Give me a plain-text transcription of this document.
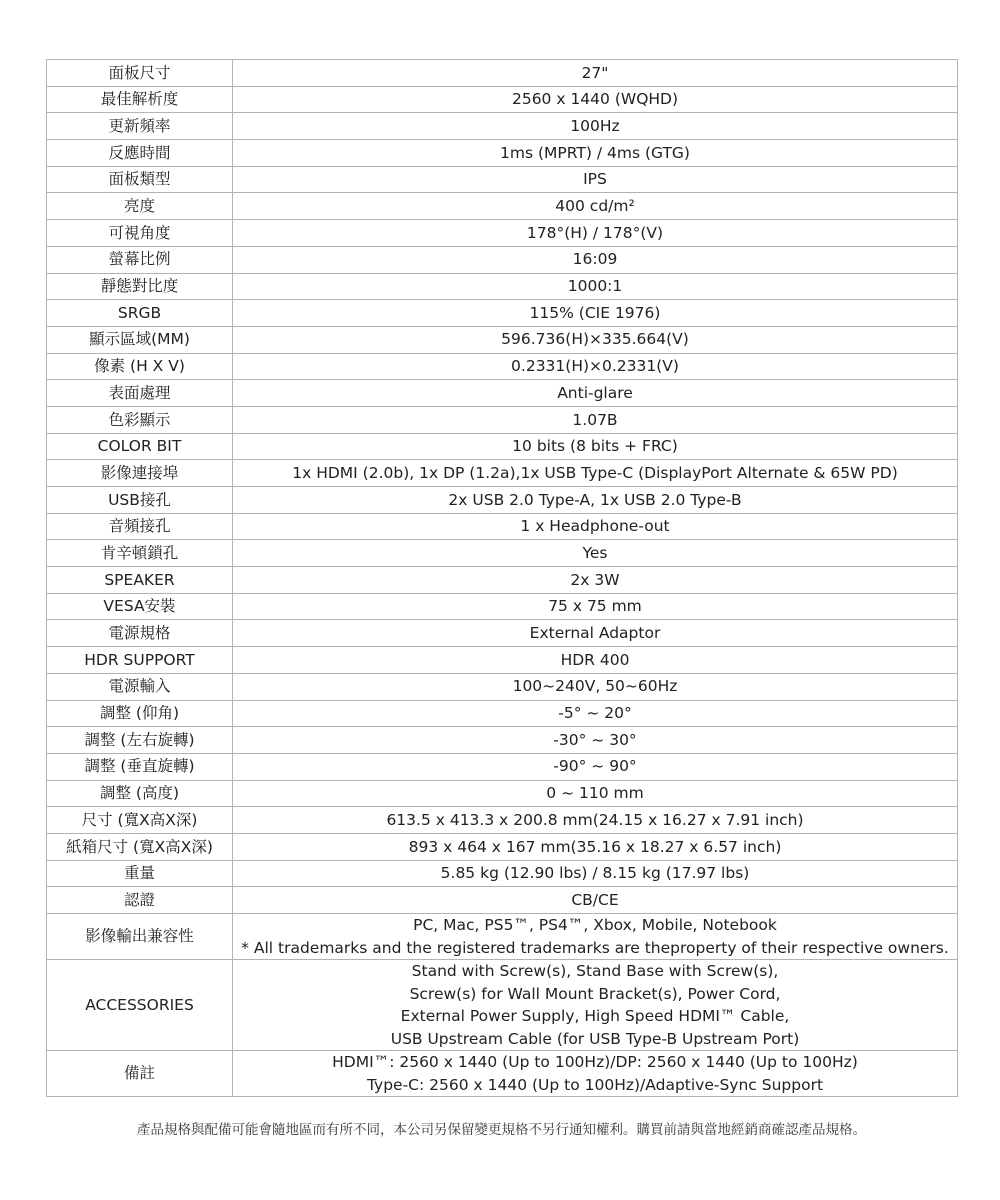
面板尺寸	27"
最佳解析度	2560 x 1440 (WQHD)
更新頻率	100Hz
反應時間	1ms (MPRT) / 4ms (GTG)
面板類型	IPS
亮度	400 cd/m²
可視角度	178°(H) / 178°(V)
螢幕比例	16:09
靜態對比度	1000:1
SRGB	115% (CIE 1976)
顯示區域(MM)	596.736(H)×335.664(V)
像素 (H X V)	0.2331(H)×0.2331(V)
表面處理	Anti-glare
色彩顯示	1.07B
COLOR BIT	10 bits (8 bits + FRC)
影像連接埠	1x HDMI (2.0b), 1x DP (1.2a),1x USB Type-C (DisplayPort Alternate & 65W PD)
USB接孔	2x USB 2.0 Type-A, 1x USB 2.0 Type-B
音頻接孔	1 x Headphone-out
肯辛頓鎖孔	Yes
SPEAKER	2x 3W
VESA安裝	75 x 75 mm
電源規格	External Adaptor
HDR SUPPORT	HDR 400
電源輸入	100~240V, 50~60Hz
調整 (仰角)	-5° ~ 20°
調整 (左右旋轉)	-30° ~ 30°
調整 (垂直旋轉)	-90° ~ 90°
調整 (高度)	0 ~ 110 mm
尺寸 (寬X高X深)	613.5 x 413.3 x 200.8 mm(24.15 x 16.27 x 7.91 inch)
紙箱尺寸 (寬X高X深)	893 x 464 x 167 mm(35.16 x 18.27 x 6.57 inch)
重量	5.85 kg (12.90 lbs) / 8.15 kg (17.97 lbs)
認證	CB/CE
影像輸出兼容性	PC, Mac, PS5™, PS4™, Xbox, Mobile, Notebook
* All trademarks and the registered trademarks are theproperty of their respective owners.
ACCESSORIES	Stand with Screw(s), Stand Base with Screw(s),
Screw(s) for Wall Mount Bracket(s), Power Cord,
External Power Supply, High Speed HDMI™ Cable,
USB Upstream Cable (for USB Type-B Upstream Port)
備註	HDMI™: 2560 x 1440 (Up to 100Hz)/DP: 2560 x 1440 (Up to 100Hz)
Type-C: 2560 x 1440 (Up to 100Hz)/Adaptive-Sync Support
產品規格與配備可能會隨地區而有所不同，本公司另保留變更規格不另行通知權利。購買前請與當地經銷商確認產品規格。
